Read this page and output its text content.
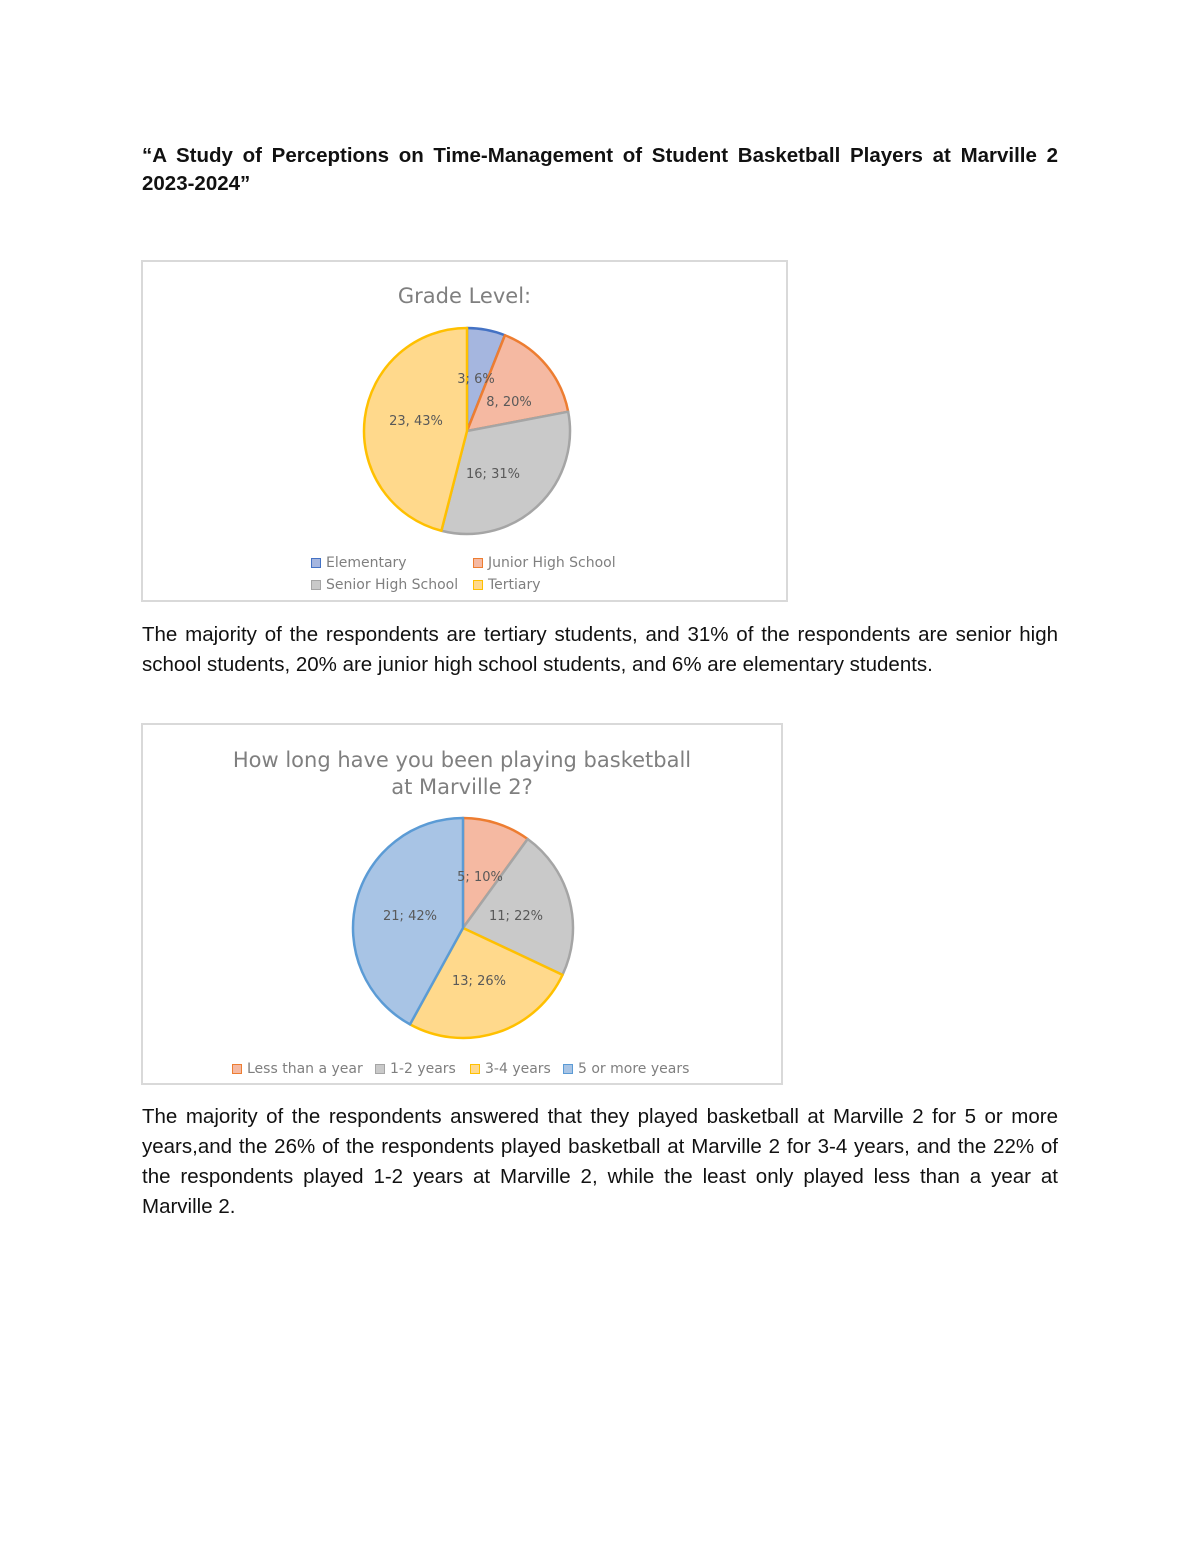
“A Study of Perceptions on Time-Management of Student Basketball Players at Marville 2 2023-2024”

Grade Level:
3; 6%
8, 20%
16; 31%
23, 43%
Elementary	Junior High School
Senior High School Tertiary

The majority of the respondents are tertiary students, and 31% of the respondents are senior high school students, 20% are junior high school students, and 6% are elementary students.

How long have you been playing basketball
at Marville 2?
5; 10%
11; 22%
13; 26%
21; 42%
Less than a year 1-2 years 3-4 years 5 or more years

The majority of the respondents answered that they played basketball at Marville 2 for 5 or more years,and the 26% of the respondents played basketball at Marville 2 for 3-4 years, and the 22% of the respondents played 1-2 years at Marville 2, while the least only played less than a year at Marville 2.
